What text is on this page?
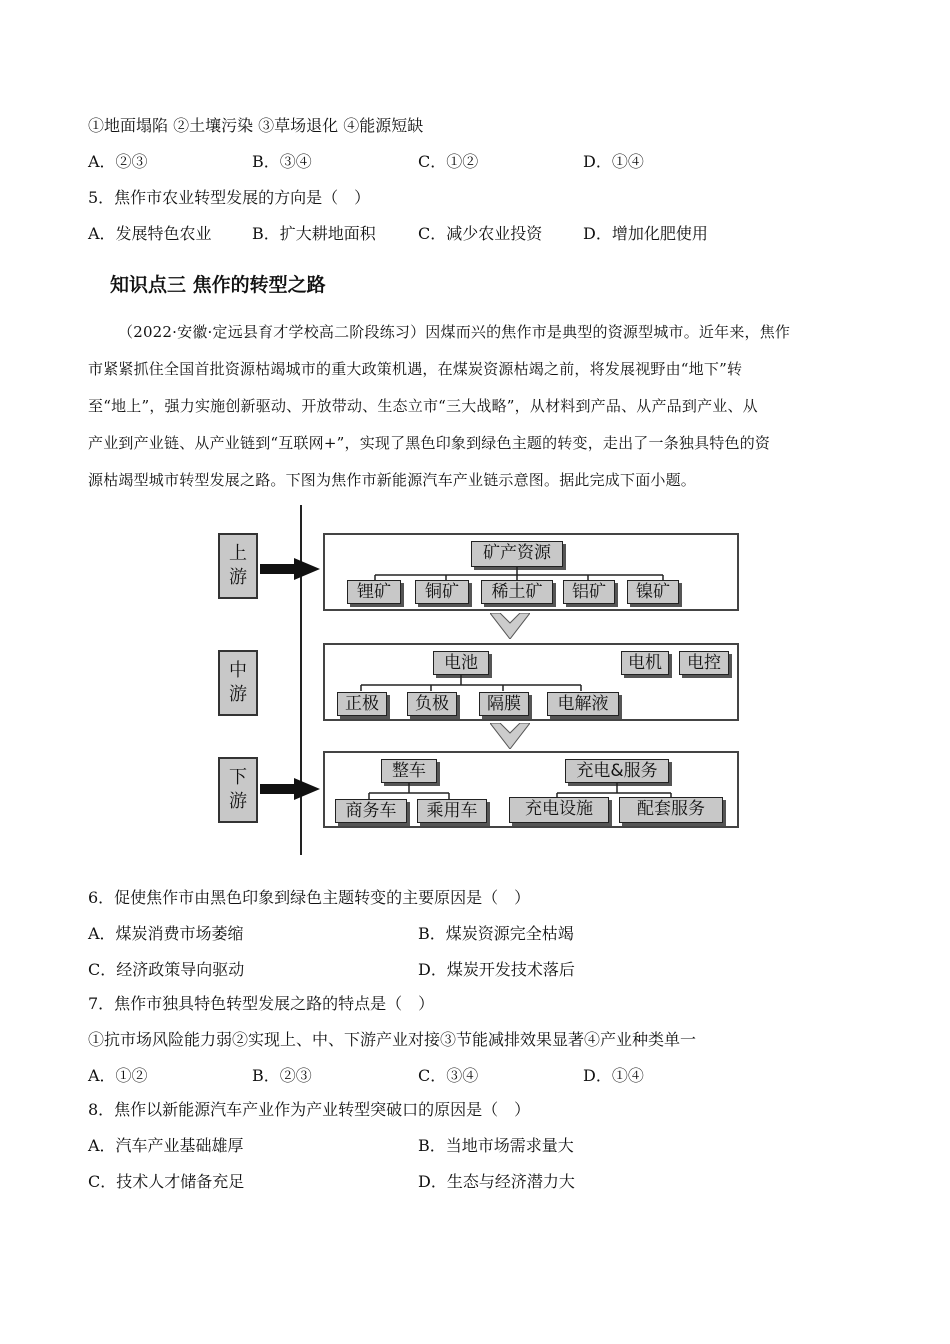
①地面塌陷 ②土壤污染 ③草场退化 ④能源短缺
A．②③	B．③④	C．①②	D．①④
5．焦作市农业转型发展的方向是（　）
A．发展特色农业	B．扩大耕地面积	C．减少农业投资	D．增加化肥使用
知识点三 焦作的转型之路
（2022·安徽·定远县育才学校高二阶段练习）因煤而兴的焦作市是典型的资源型城市。近年来，焦作
市紧紧抓住全国首批资源枯竭城市的重大政策机遇，在煤炭资源枯竭之前，将发展视野由“地下”转
至“地上”，强力实施创新驱动、开放带动、生态立市“三大战略”，从材料到产品、从产品到产业、从
产业到产业链、从产业链到“互联网+”，实现了黑色印象到绿色主题的转变，走出了一条独具特色的资
源枯竭型城市转型发展之路。下图为焦作市新能源汽车产业链示意图。据此完成下面小题。
上
游
矿产资源
锂矿	铜矿	稀土矿	铝矿	镍矿
中
游
电池	电机	电控
正极	负极	隔膜	电解液
下
游
整车	充电&服务
商务车	乘用车	充电设施	配套服务
6．促使焦作市由黑色印象到绿色主题转变的主要原因是（　）
A．煤炭消费市场萎缩	B．煤炭资源完全枯竭
C．经济政策导向驱动	D．煤炭开发技术落后
7．焦作市独具特色转型发展之路的特点是（　）
①抗市场风险能力弱②实现上、中、下游产业对接③节能减排效果显著④产业种类单一
A．①②	B．②③	C．③④	D．①④
8．焦作以新能源汽车产业作为产业转型突破口的原因是（　）
A．汽车产业基础雄厚	B．当地市场需求量大
C．技术人才储备充足	D．生态与经济潜力大
